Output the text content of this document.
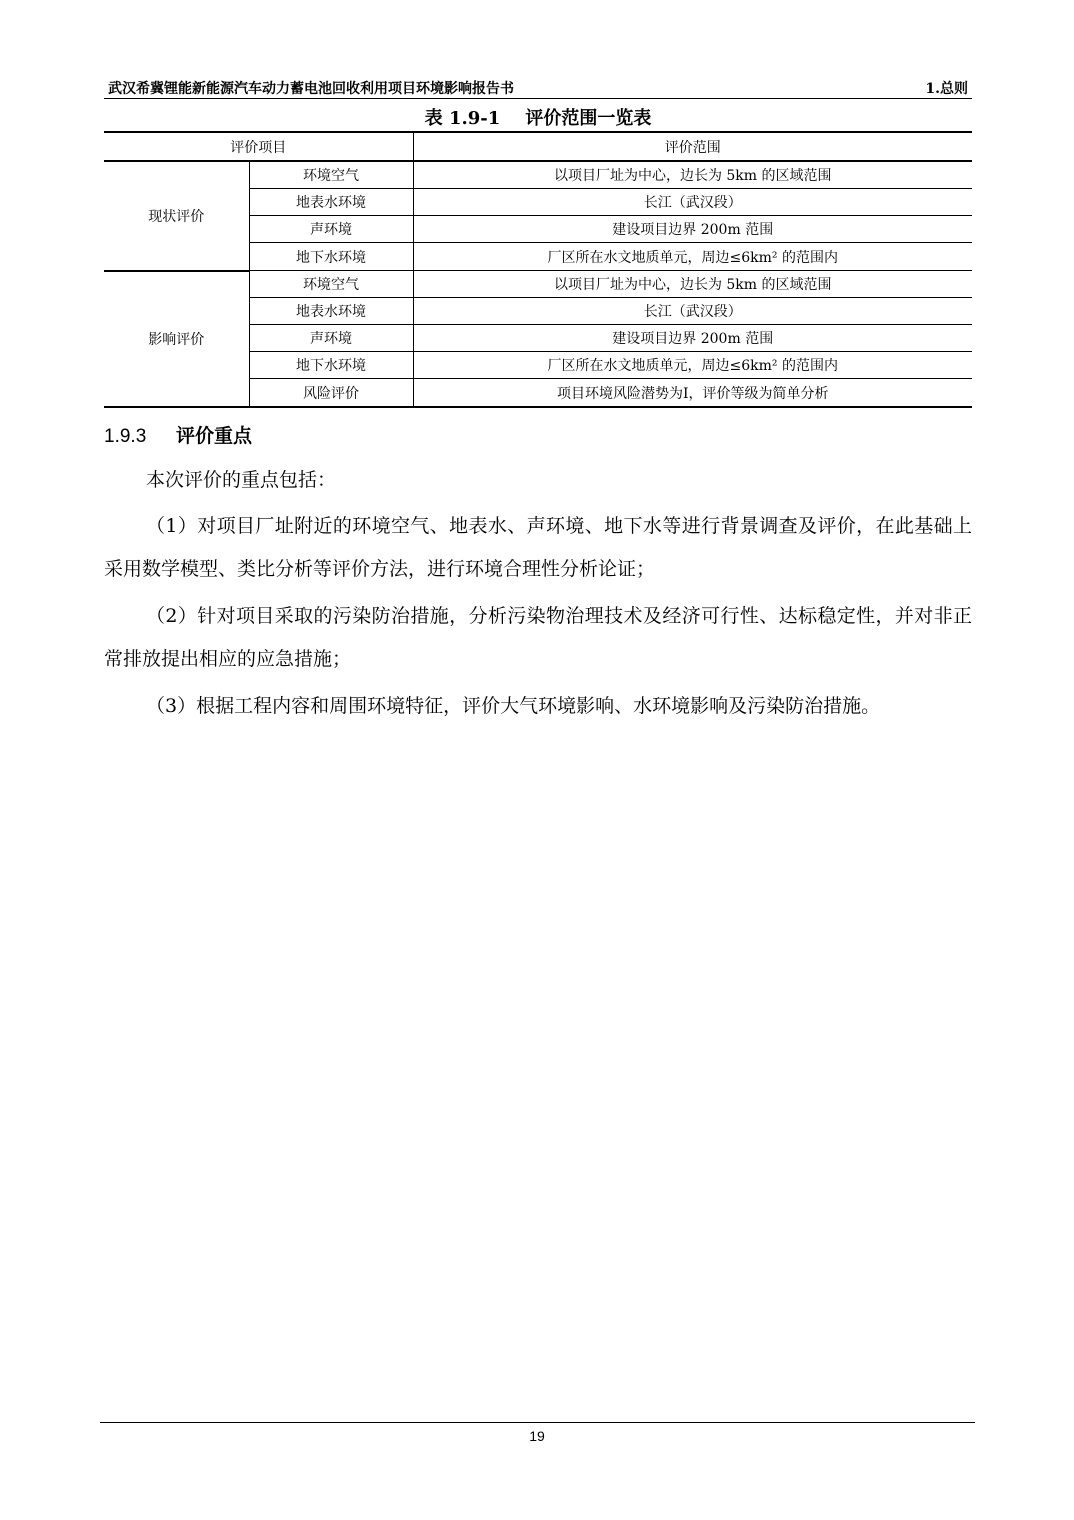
武汉希冀锂能新能源汽车动力蓄电池回收利用项目环境影响报告书	1.总则
表 1.9-1    评价范围一览表
评价项目		评价范围
现状评价	环境空气	以项目厂址为中心，边长为 5km 的区域范围
	地表水环境	长江（武汉段）
	声环境	建设项目边界 200m 范围
	地下水环境	厂区所在水文地质单元，周边≤6km² 的范围内
影响评价	环境空气	以项目厂址为中心，边长为 5km 的区域范围
	地表水环境	长江（武汉段）
	声环境	建设项目边界 200m 范围
	地下水环境	厂区所在水文地质单元，周边≤6km² 的范围内
	风险评价	项目环境风险潜势为I，评价等级为简单分析
1.9.3 评价重点

本次评价的重点包括：

（1）对项目厂址附近的环境空气、地表水、声环境、地下水等进行背景调查及评价，在此基础上采用数学模型、类比分析等评价方法，进行环境合理性分析论证；

（2）针对项目采取的污染防治措施，分析污染物治理技术及经济可行性、达标稳定性，并对非正常排放提出相应的应急措施；

（3）根据工程内容和周围环境特征，评价大气环境影响、水环境影响及污染防治措施。

19
